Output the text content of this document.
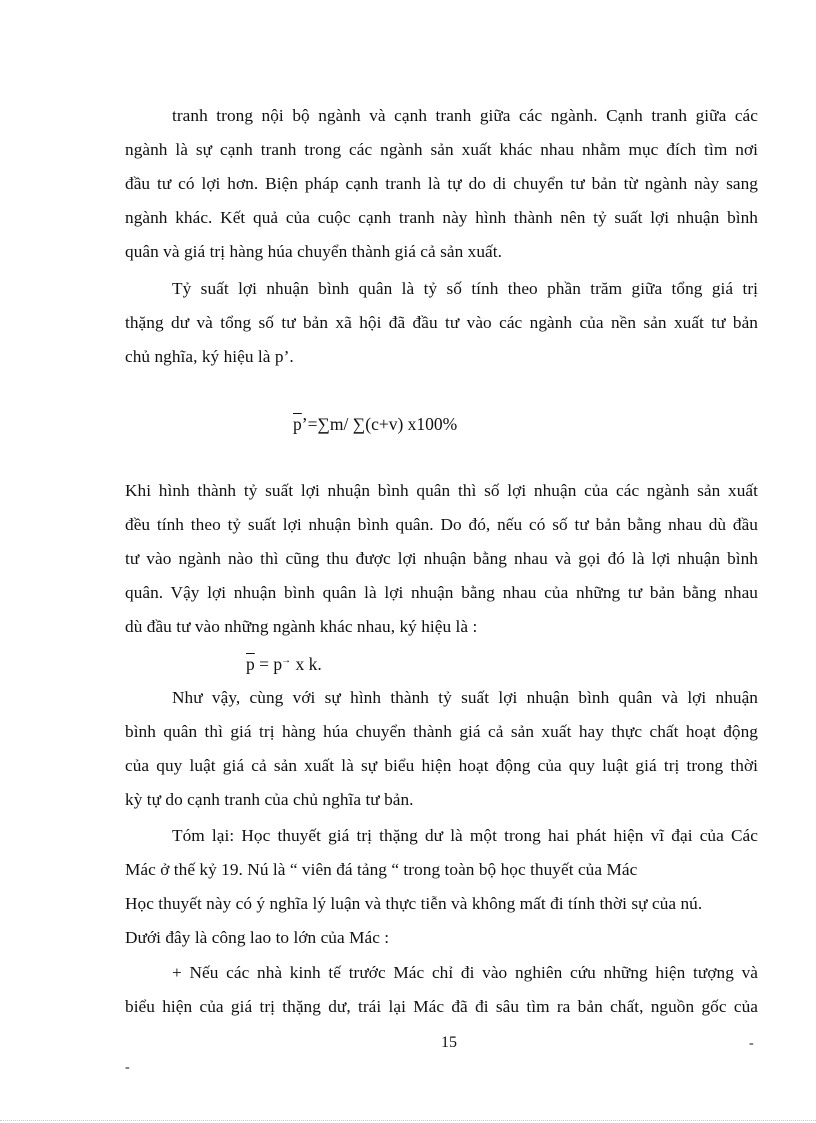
tranh trong nội bộ ngành và cạnh tranh giữa các ngành. Cạnh tranh giữa các

ngành là sự cạnh tranh trong các ngành sản xuất khác nhau nhằm mục đích tìm nơi

đầu tư có lợi hơn. Biện pháp cạnh tranh là tự do di chuyển tư bản từ ngành này sang

ngành khác. Kết quả của cuộc cạnh tranh này hình thành nên tỷ suất lợi nhuận bình

quân và giá trị hàng húa chuyển thành giá cả sản xuất.

Tỷ suất lợi nhuận bình quân là tỷ số tính theo phần trăm giữa tổng giá trị

thặng dư và tổng số tư bản xã hội đã đầu tư vào các ngành của nền sản xuất tư bản

chủ nghĩa, ký hiệu là p’.

$\overline{p}’=\sum m/$ ∑(c+v) x100%

Khi hình thành tỷ suất lợi nhuận bình quân thì số lợi nhuận của các ngành sản xuất

đều tính theo tỷ suất lợi nhuận bình quân. Do đó, nếu có số tư bản bằng nhau dù đầu

tư vào ngành nào thì cũng thu được lợi nhuận bằng nhau và gọi đó là lợi nhuận bình

quân. Vậy lợi nhuận bình quân là lợi nhuận bằng nhau của những tư bản bằng nhau

dù đầu tư vào những ngành khác nhau, ký hiệu là :

$\overline{p} = p^\to$ x k.

Như vậy, cùng với sự hình thành tỷ suất lợi nhuận bình quân và lợi nhuận

bình quân thì giá trị hàng húa chuyển thành giá cả sản xuất hay thực chất hoạt động

của quy luật giá cả sản xuất là sự biểu hiện hoạt động của quy luật giá trị trong thời

kỳ tự do cạnh tranh của chủ nghĩa tư bản.

Tóm lại: Học thuyết giá trị thặng dư là một trong hai phát hiện vĩ đại của Các

Mác ở thế kỷ 19. Nú là “ viên đá tảng “ trong toàn bộ học thuyết của Mác

Học thuyết này có ý nghĩa lý luận và thực tiễn và không mất đi tính thời sự của nú.

Dưới đây là công lao to lớn của Mác :

+ Nếu các nhà kinh tế trước Mác chỉ đi vào nghiên cứu những hiện tượng và

biểu hiện của giá trị thặng dư, trái lại Mác đã đi sâu tìm ra bản chất, nguồn gốc của

15	-
-
